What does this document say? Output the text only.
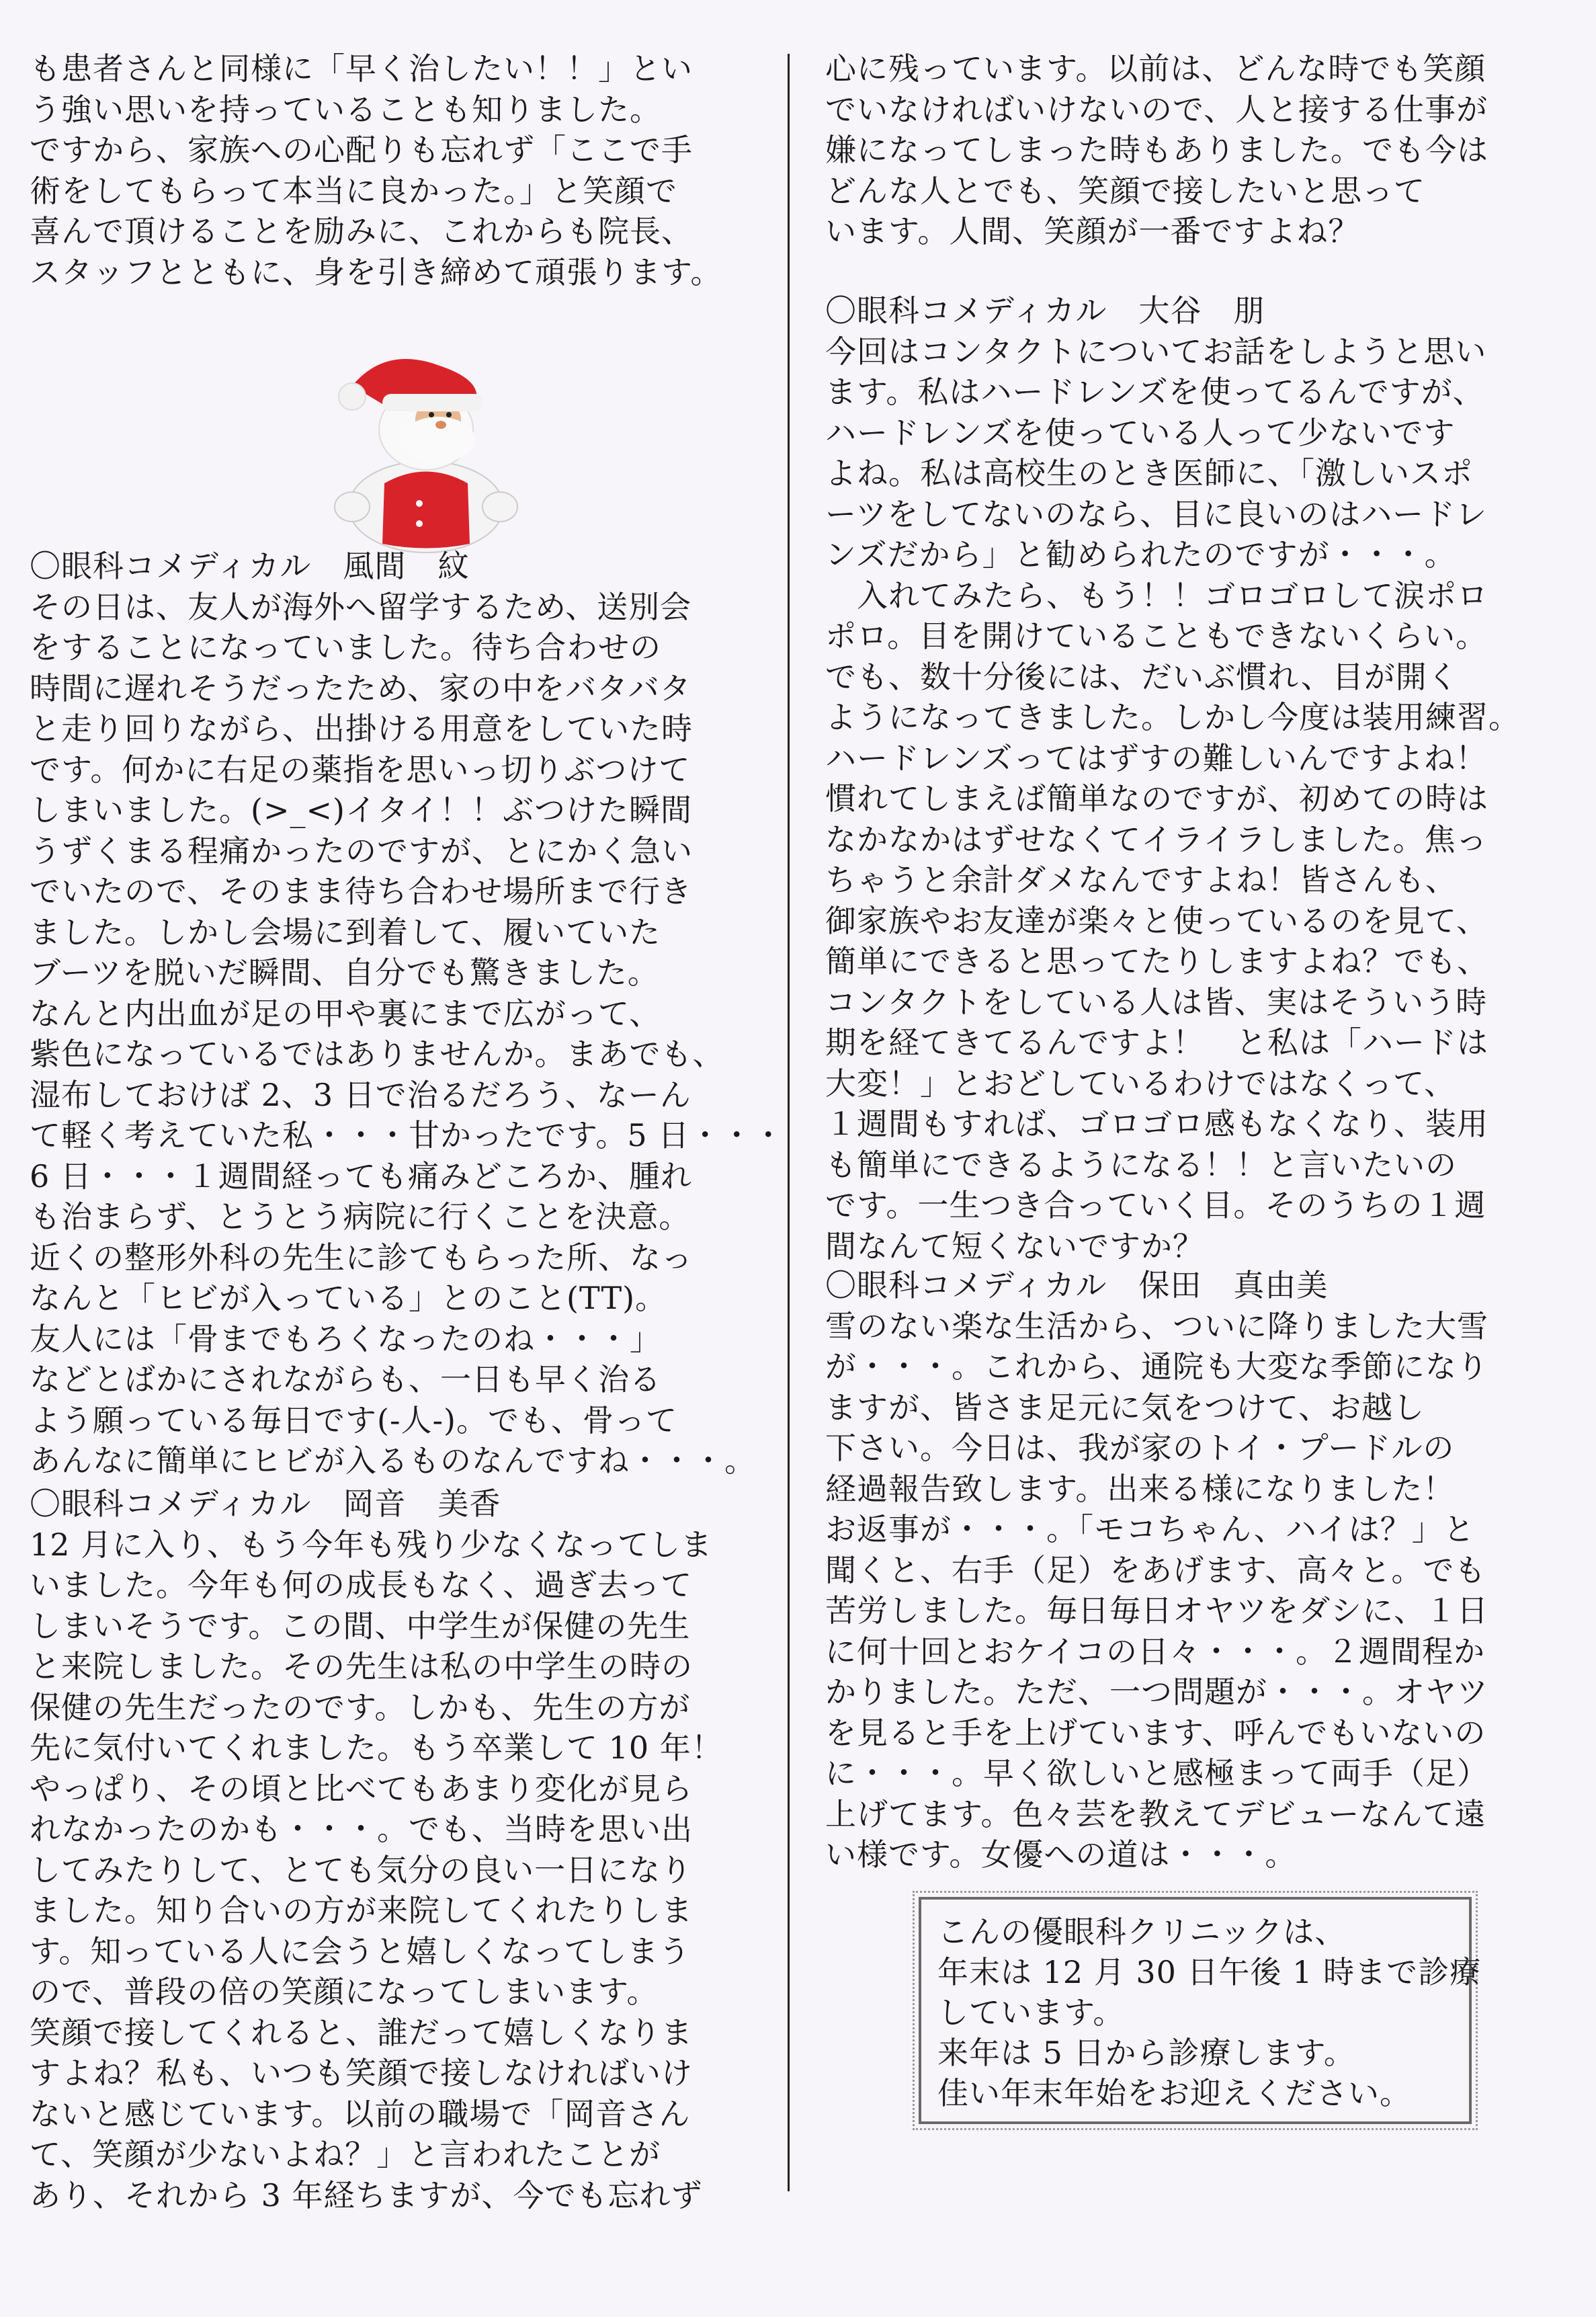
も患者さんと同様に「早く治したい！！」とい

う強い思いを持っていることも知りました。

ですから、家族への心配りも忘れず「ここで手

術をしてもらって本当に良かった。」と笑顔で

喜んで頂けることを励みに、これからも院長、

スタッフとともに、身を引き締めて頑張ります。

〇眼科コメディカル　風間　紋

その日は、友人が海外へ留学するため、送別会

をすることになっていました。待ち合わせの

時間に遅れそうだったため、家の中をバタバタ

と走り回りながら、出掛ける用意をしていた時

です。何かに右足の薬指を思いっ切りぶつけて

しまいました。(>_<)イタイ！！ぶつけた瞬間

うずくまる程痛かったのですが、とにかく急い

でいたので、そのまま待ち合わせ場所まで行き

ました。しかし会場に到着して、履いていた

ブーツを脱いだ瞬間、自分でも驚きました。

なんと内出血が足の甲や裏にまで広がって、

紫色になっているではありませんか。まあでも、

湿布しておけば 2、3 日で治るだろう、なーん

て軽く考えていた私・・・甘かったです。5 日・・・

6 日・・・１週間経っても痛みどころか、腫れ

も治まらず、とうとう病院に行くことを決意。

近くの整形外科の先生に診てもらった所、なっ

なんと「ヒビが入っている」とのこと(TT)。

友人には「骨までもろくなったのね・・・」

などとばかにされながらも、一日も早く治る

よう願っている毎日です(-人-)。でも、骨って

あんなに簡単にヒビが入るものなんですね・・・。

〇眼科コメディカル　岡音　美香

12 月に入り、もう今年も残り少なくなってしま

いました。今年も何の成長もなく、過ぎ去って

しまいそうです。この間、中学生が保健の先生

と来院しました。その先生は私の中学生の時の

保健の先生だったのです。しかも、先生の方が

先に気付いてくれました。もう卒業して 10 年！

やっぱり、その頃と比べてもあまり変化が見ら

れなかったのかも・・・。でも、当時を思い出

してみたりして、とても気分の良い一日になり

ました。知り合いの方が来院してくれたりしま

す。知っている人に会うと嬉しくなってしまう

ので、普段の倍の笑顔になってしまいます。

笑顔で接してくれると、誰だって嬉しくなりま

すよね？私も、いつも笑顔で接しなければいけ

ないと感じています。以前の職場で「岡音さん

て、笑顔が少ないよね？」と言われたことが

あり、それから 3 年経ちますが、今でも忘れず

心に残っています。以前は、どんな時でも笑顔

でいなければいけないので、人と接する仕事が

嫌になってしまった時もありました。でも今は

どんな人とでも、笑顔で接したいと思って

います。人間、笑顔が一番ですよね？

〇眼科コメディカル　大谷　朋

今回はコンタクトについてお話をしようと思い

ます。私はハードレンズを使ってるんですが、

ハードレンズを使っている人って少ないです

よね。私は高校生のとき医師に、「激しいスポ

ーツをしてないのなら、目に良いのはハードレ

ンズだから」と勧められたのですが・・・。

　入れてみたら、もう！！ゴロゴロして涙ポロ

ポロ。目を開けていることもできないくらい。

でも、数十分後には、だいぶ慣れ、目が開く

ようになってきました。しかし今度は装用練習。

ハードレンズってはずすの難しいんですよね！

慣れてしまえば簡単なのですが、初めての時は

なかなかはずせなくてイライラしました。焦っ

ちゃうと余計ダメなんですよね！皆さんも、

御家族やお友達が楽々と使っているのを見て、

簡単にできると思ってたりしますよね？でも、

コンタクトをしている人は皆、実はそういう時

期を経てきてるんですよ！　と私は「ハードは

大変！」とおどしているわけではなくって、

１週間もすれば、ゴロゴロ感もなくなり、装用

も簡単にできるようになる！！と言いたいの

です。一生つき合っていく目。そのうちの１週

間なんて短くないですか？

〇眼科コメディカル　保田　真由美

雪のない楽な生活から、ついに降りました大雪

が・・・。これから、通院も大変な季節になり

ますが、皆さま足元に気をつけて、お越し

下さい。今日は、我が家のトイ・プードルの

経過報告致します。出来る様になりました！

お返事が・・・。「モコちゃん、ハイは？」と

聞くと、右手（足）をあげます、高々と。でも

苦労しました。毎日毎日オヤツをダシに、１日

に何十回とおケイコの日々・・・。２週間程か

かりました。ただ、一つ問題が・・・。オヤツ

を見ると手を上げています、呼んでもいないの

に・・・。早く欲しいと感極まって両手（足）

上げてます。色々芸を教えてデビューなんて遠

い様です。女優への道は・・・。

こんの優眼科クリニックは、
年末は 12 月 30 日午後 1 時まで診療
しています。
来年は 5 日から診療します。
佳い年末年始をお迎えください。
